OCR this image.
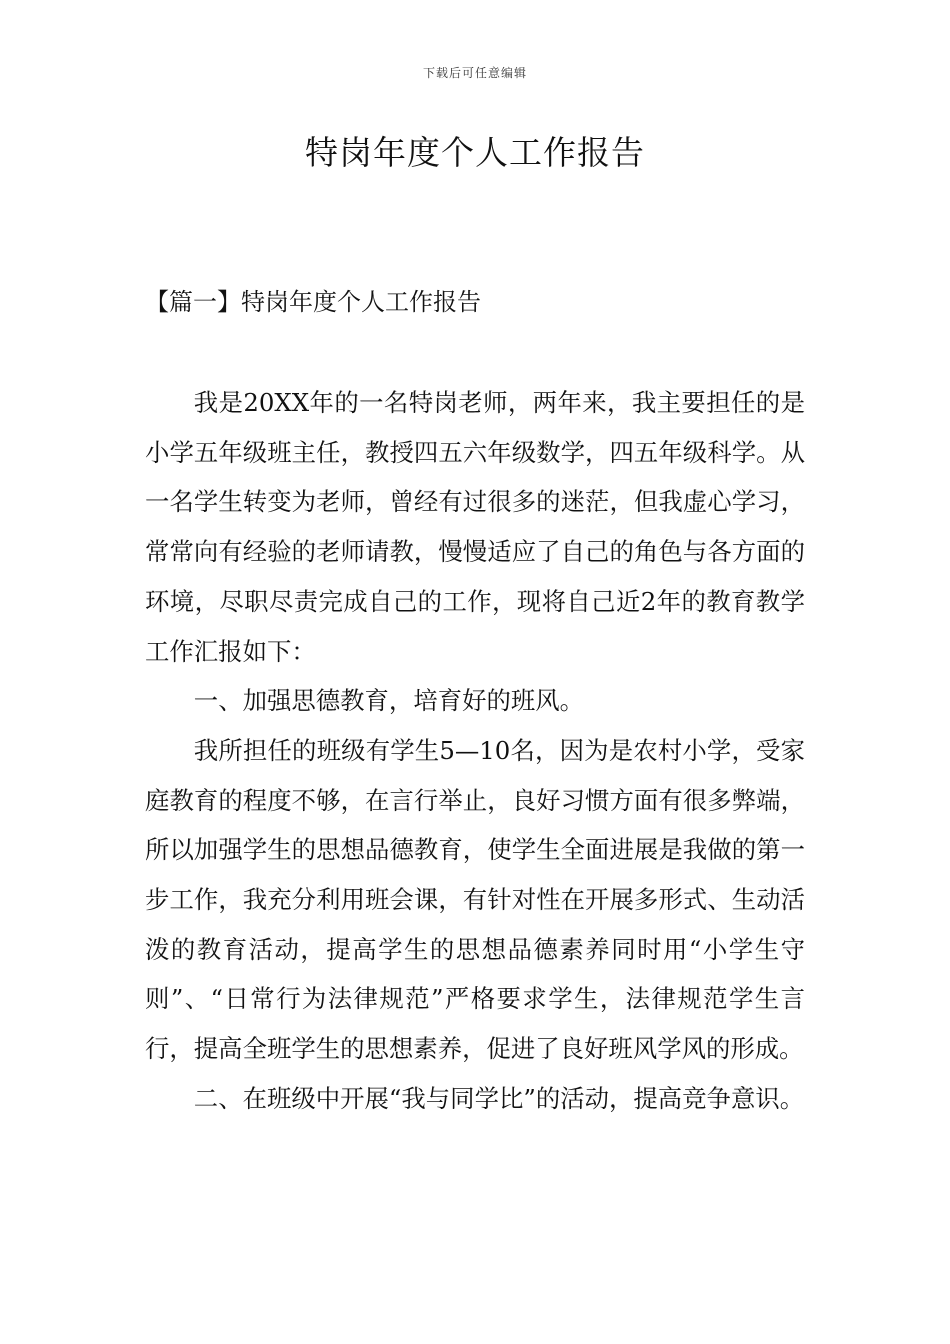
下载后可任意编辑
特岗年度个人工作报告
【篇一】特岗年度个人工作报告

我是20XX年的一名特岗老师，两年来，我主要担任的是小学五年级班主任，教授四五六年级数学，四五年级科学。从一名学生转变为老师，曾经有过很多的迷茫，但我虚心学习，常常向有经验的老师请教，慢慢适应了自己的角色与各方面的环境，尽职尽责完成自己的工作，现将自己近2年的教育教学工作汇报如下：

一、加强思德教育，培育好的班风。

我所担任的班级有学生5—10名，因为是农村小学，受家庭教育的程度不够，在言行举止，良好习惯方面有很多弊端，所以加强学生的思想品德教育，使学生全面进展是我做的第一步工作，我充分利用班会课，有针对性在开展多形式、生动活泼的教育活动，提高学生的思想品德素养同时用“小学生守则”、“日常行为法律规范”严格要求学生，法律规范学生言行，提高全班学生的思想素养，促进了良好班风学风的形成。

二、在班级中开展“我与同学比”的活动，提高竞争意识。
